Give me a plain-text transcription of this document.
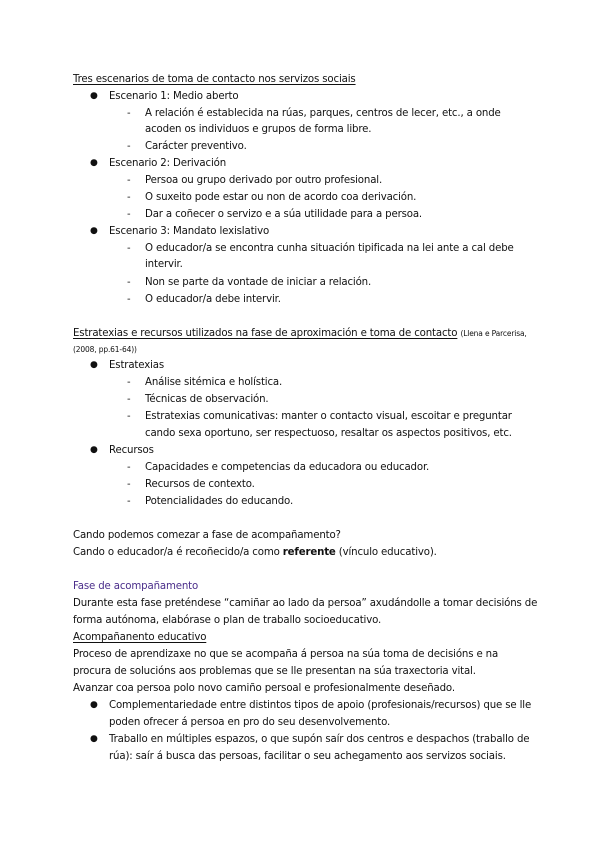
Tres escenarios de toma de contacto nos servizos sociais
● Escenario 1: Medio aberto
- A relación é establecida na rúas, parques, centros de lecer, etc., a onde
acoden os individuos e grupos de forma libre.
- Carácter preventivo.
● Escenario 2: Derivación
- Persoa ou grupo derivado por outro profesional.
- O suxeito pode estar ou non de acordo coa derivación.
- Dar a coñecer o servizo e a súa utilidade para a persoa.
● Escenario 3: Mandato lexislativo
- O educador/a se encontra cunha situación tipificada na lei ante a cal debe
intervir.
- Non se parte da vontade de iniciar a relación.
- O educador/a debe intervir.
Estratexias e recursos utilizados na fase de aproximación e toma de contacto (Llena e Parcerisa,
(2008, pp.61-64))
● Estratexias
- Análise sitémica e holística.
- Técnicas de observación.
- Estratexias comunicativas: manter o contacto visual, escoitar e preguntar
cando sexa oportuno, ser respectuoso, resaltar os aspectos positivos, etc.
● Recursos
- Capacidades e competencias da educadora ou educador.
- Recursos de contexto.
- Potencialidades do educando.
Cando podemos comezar a fase de acompañamento?
Cando o educador/a é recoñecido/a como referente (vínculo educativo).
Fase de acompañamento
Durante esta fase preténdese “camiñar ao lado da persoa” axudándolle a tomar decisións de
forma autónoma, elabórase o plan de traballo socioeducativo.
Acompañanento educativo
Proceso de aprendizaxe no que se acompaña á persoa na súa toma de decisións e na
procura de solucións aos problemas que se lle presentan na súa traxectoria vital.
Avanzar coa persoa polo novo camiño persoal e profesionalmente deseñado.
● Complementariedade entre distintos tipos de apoio (profesionais/recursos) que se lle
poden ofrecer á persoa en pro do seu desenvolvemento.
● Traballo en múltiples espazos, o que supón saír dos centros e despachos (traballo de
rúa): saír á busca das persoas, facilitar o seu achegamento aos servizos sociais.
